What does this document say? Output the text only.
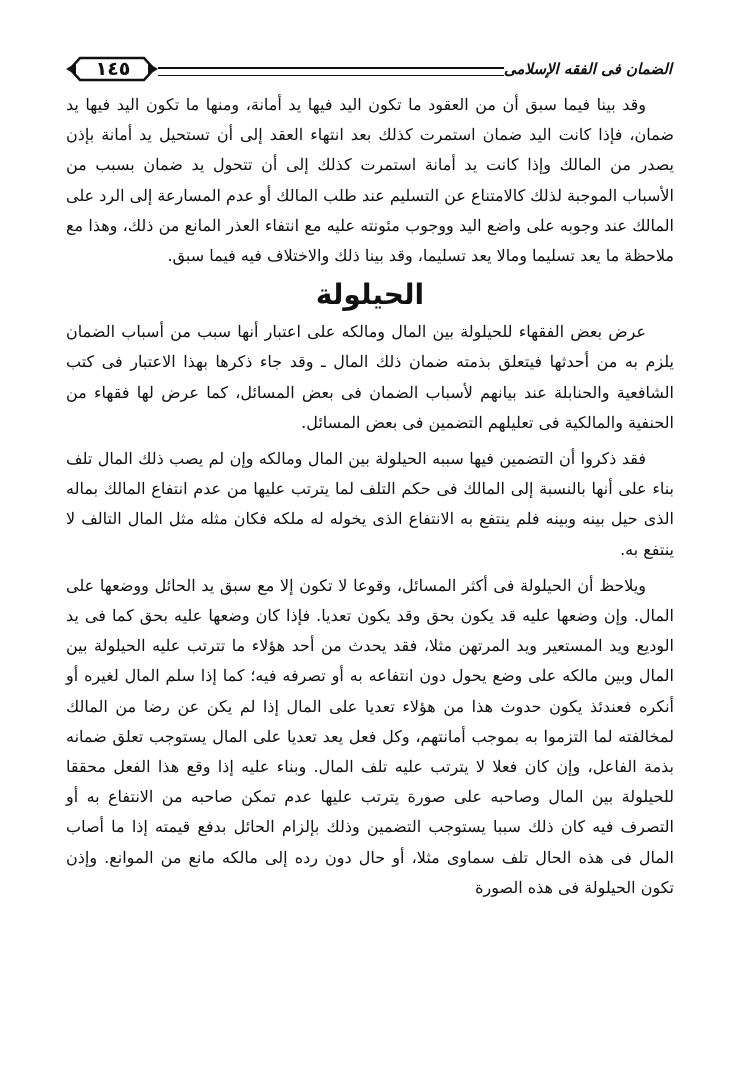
الضمان فى الفقه الإسلامى
١٤٥

وقد بينا فيما سبق أن من العقود ما تكون اليد فيها يد أمانة، ومنها ما تكون اليد فيها يد ضمان، فإذا كانت اليد ضمان استمرت كذلك بعد انتهاء العقد إلى أن تستحيل يد أمانة بإذن يصدر من المالك وإذا كانت يد أمانة استمرت كذلك إلى أن تتحول يد ضمان بسبب من الأسباب الموجبة لذلك كالامتناع عن التسليم عند طلب المالك أو عدم المسارعة إلى الرد على المالك عند وجوبه على واضع اليد ووجوب مئونته عليه مع انتفاء العذر المانع من ذلك، وهذا مع ملاحظة ما يعد تسليما ومالا يعد تسليما، وقد بينا ذلك والاختلاف فيه فيما سبق.

الحيلولة

عرض بعض الفقهاء للحيلولة بين المال ومالكه على اعتبار أنها سبب من أسباب الضمان يلزم به من أحدثها فيتعلق بذمته ضمان ذلك المال ـ وقد جاء ذكرها بهذا الاعتبار فى كتب الشافعية والحنابلة عند بيانهم لأسباب الضمان فى بعض المسائل، كما عرض لها فقهاء من الحنفية والمالكية فى تعليلهم التضمين فى بعض المسائل.

فقد ذكروا أن التضمين فيها سببه الحيلولة بين المال ومالكه وإن لم يصب ذلك المال تلف بناء على أنها بالنسبة إلى المالك فى حكم التلف لما يترتب عليها من عدم انتفاع المالك بماله الذى حيل بينه وبينه فلم ينتفع به الانتفاع الذى يخوله له ملكه فكان مثله مثل المال التالف لا ينتفع به.

ويلاحظ أن الحيلولة فى أكثر المسائل، وقوعا لا تكون إلا مع سبق يد الحائل ووضعها على المال. وإن وضعها عليه قد يكون بحق وقد يكون تعديا. فإذا كان وضعها عليه بحق كما فى يد الوديع ويد المستعير ويد المرتهن مثلا، فقد يحدث من أحد هؤلاء ما تترتب عليه الحيلولة بين المال وبين مالكه على وضع يحول دون انتفاعه به أو تصرفه فيه؛ كما إذا سلم المال لغيره أو أنكره فعندئذ يكون حدوث هذا من هؤلاء تعديا على المال إذا لم يكن عن رضا من المالك لمخالفته لما التزموا به بموجب أمانتهم، وكل فعل يعد تعديا على المال يستوجب تعلق ضمانه بذمة الفاعل، وإن كان فعلا لا يترتب عليه تلف المال. وبناء عليه إذا وقع هذا الفعل محققا للحيلولة بين المال وصاحبه على صورة يترتب عليها عدم تمكن صاحبه من الانتفاع به أو التصرف فيه كان ذلك سببا يستوجب التضمين وذلك بإلزام الحائل بدفع قيمته إذا ما أصاب المال فى هذه الحال تلف سماوى مثلا، أو حال دون رده إلى مالكه مانع من الموانع. وإذن تكون الحيلولة فى هذه الصورة
